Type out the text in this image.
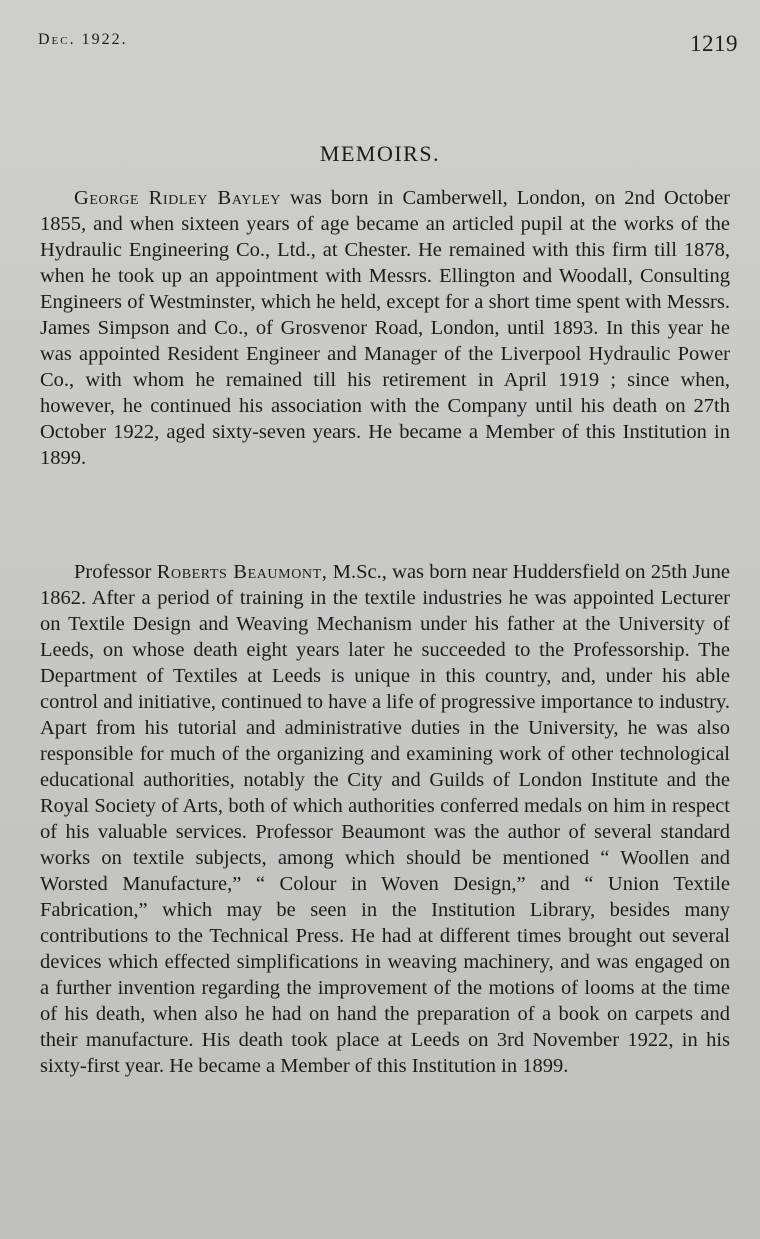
Dec. 1922.	1219
MEMOIRS.

George Ridley Bayley was born in Camberwell, London, on 2nd October 1855, and when sixteen years of age became an articled pupil at the works of the Hydraulic Engineering Co., Ltd., at Chester. He remained with this firm till 1878, when he took up an appointment with Messrs. Ellington and Woodall, Consulting Engineers of Westminster, which he held, except for a short time spent with Messrs. James Simpson and Co., of Grosvenor Road, London, until 1893. In this year he was appointed Resident Engineer and Manager of the Liverpool Hydraulic Power Co., with whom he remained till his retirement in April 1919 ; since when, however, he continued his association with the Company until his death on 27th October 1922, aged sixty-seven years. He became a Member of this Institution in 1899.

Professor Roberts Beaumont, M.Sc., was born near Huddersfield on 25th June 1862. After a period of training in the textile industries he was appointed Lecturer on Textile Design and Weaving Mechanism under his father at the University of Leeds, on whose death eight years later he succeeded to the Professorship. The Department of Textiles at Leeds is unique in this country, and, under his able control and initiative, continued to have a life of progressive importance to industry. Apart from his tutorial and administrative duties in the University, he was also responsible for much of the organizing and examining work of other technological educational authorities, notably the City and Guilds of London Institute and the Royal Society of Arts, both of which authorities conferred medals on him in respect of his valuable services. Professor Beaumont was the author of several standard works on textile subjects, among which should be mentioned “ Woollen and Worsted Manufacture,” “ Colour in Woven Design,” and “ Union Textile Fabrication,” which may be seen in the Institution Library, besides many contributions to the Technical Press. He had at different times brought out several devices which effected simplifications in weaving machinery, and was engaged on a further invention regarding the improvement of the motions of looms at the time of his death, when also he had on hand the preparation of a book on carpets and their manufacture. His death took place at Leeds on 3rd November 1922, in his sixty-first year. He became a Member of this Institution in 1899.
